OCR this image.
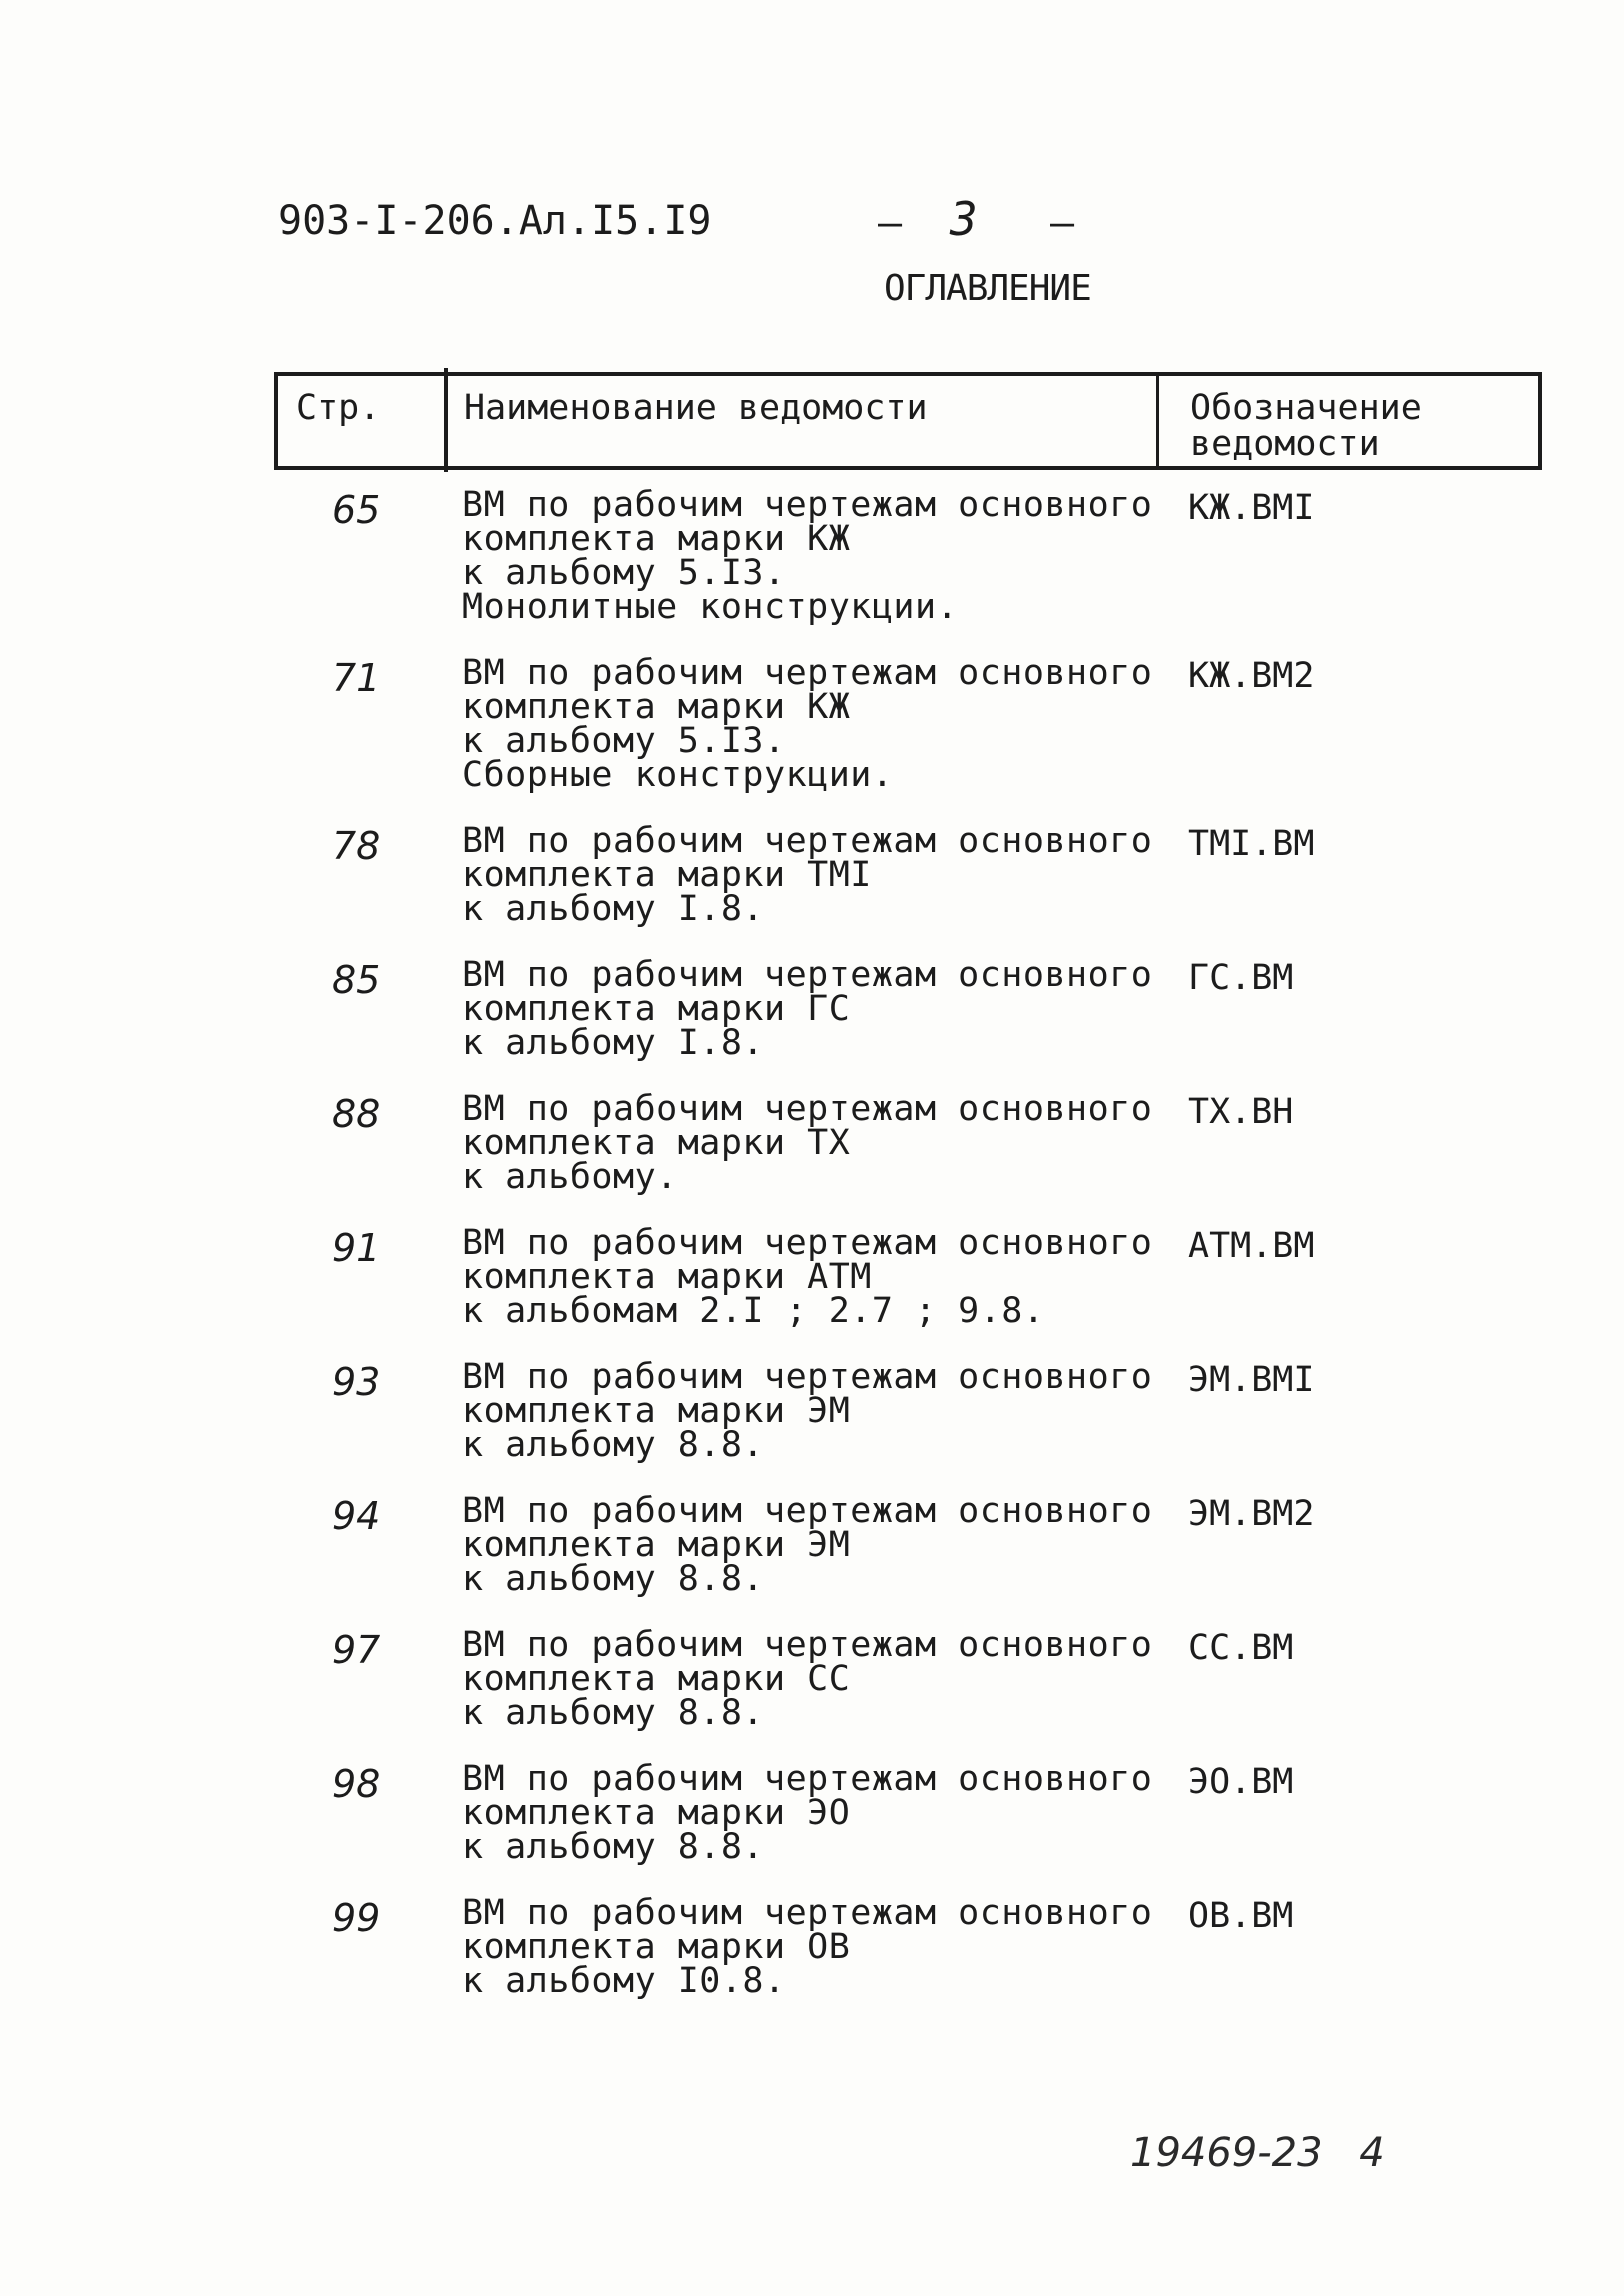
903-I-206.Ал.I5.I9	– 3 –
ОГЛАВЛЕНИЕ
Стр. Наименование ведомости	Обозначение
ведомости
65 ВМ по рабочим чертежам основного
комплекта марки КЖ
к альбому 5.I3.
Монолитные конструкции.
КЖ.ВМI
71 ВМ по рабочим чертежам основного
комплекта марки КЖ
к альбому 5.I3.
Сборные конструкции.
КЖ.ВМ2
78 ВМ по рабочим чертежам основного
комплекта марки ТМI
к альбому I.8.
ТМI.ВМ
85 ВМ по рабочим чертежам основного
комплекта марки ГС
к альбому I.8.
ГС.ВМ
88 ВМ по рабочим чертежам основного
комплекта марки ТХ
к альбому.
ТХ.ВН
91 ВМ по рабочим чертежам основного
комплекта марки АТМ
к альбомам 2.I ; 2.7 ; 9.8.
АТМ.ВМ
93 ВМ по рабочим чертежам основного
комплекта марки ЭМ
к альбому 8.8.
ЭМ.ВМI
94 ВМ по рабочим чертежам основного
комплекта марки ЭМ
к альбому 8.8.
ЭМ.ВМ2
97 ВМ по рабочим чертежам основного
комплекта марки СС
к альбому 8.8.
СС.ВМ
98 ВМ по рабочим чертежам основного
комплекта марки ЭО
к альбому 8.8.
ЭО.ВМ
99 ВМ по рабочим чертежам основного
комплекта марки ОВ
к альбому I0.8.
ОВ.ВМ
19469-23 4
